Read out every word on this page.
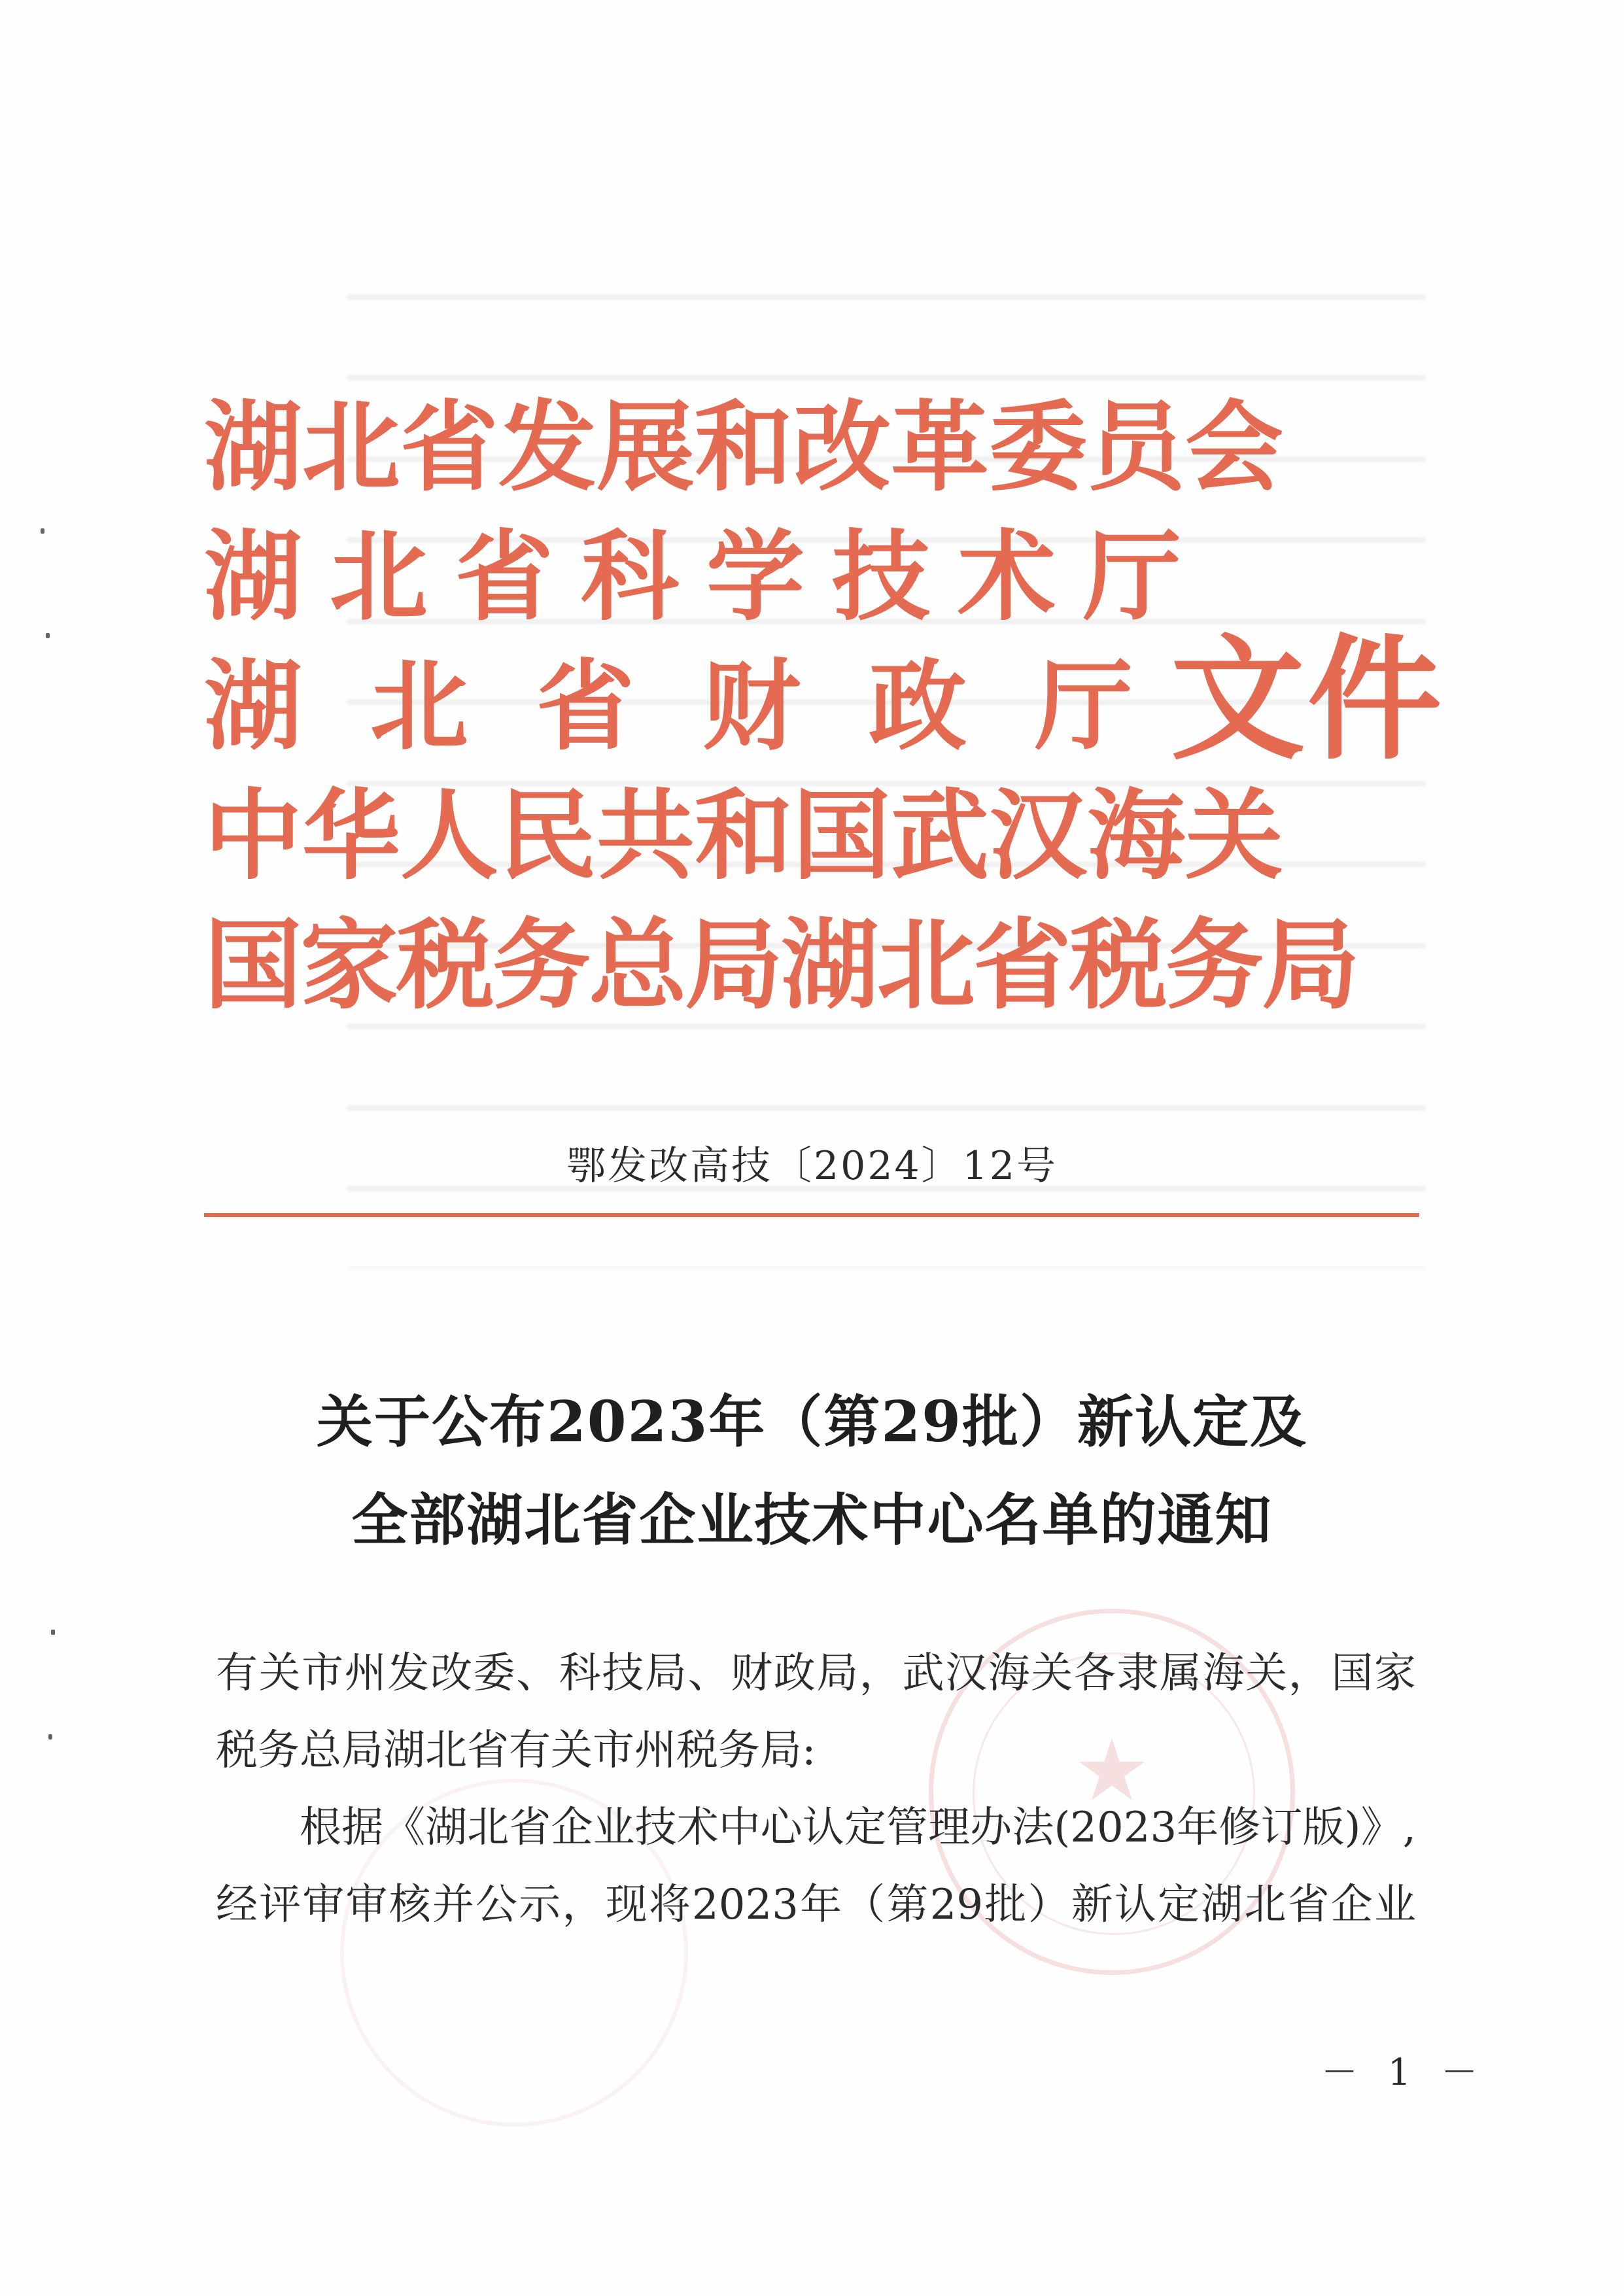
湖北省发展和改革委员会
湖北省科学技术厅
湖北省财政厅
中华人民共和国武汉海关
国家税务总局湖北省税务局
文件
鄂发改高技〔2024〕12号
关于公布2023年（第29批）新认定及
全部湖北省企业技术中心名单的通知
★

有关市州发改委、科技局、财政局，武汉海关各隶属海关，国家

税务总局湖北省有关市州税务局:

根据《湖北省企业技术中心认定管理办法(2023年修订版)》,

经评审审核并公示，现将2023年（第29批）新认定湖北省企业

－ 1 －
